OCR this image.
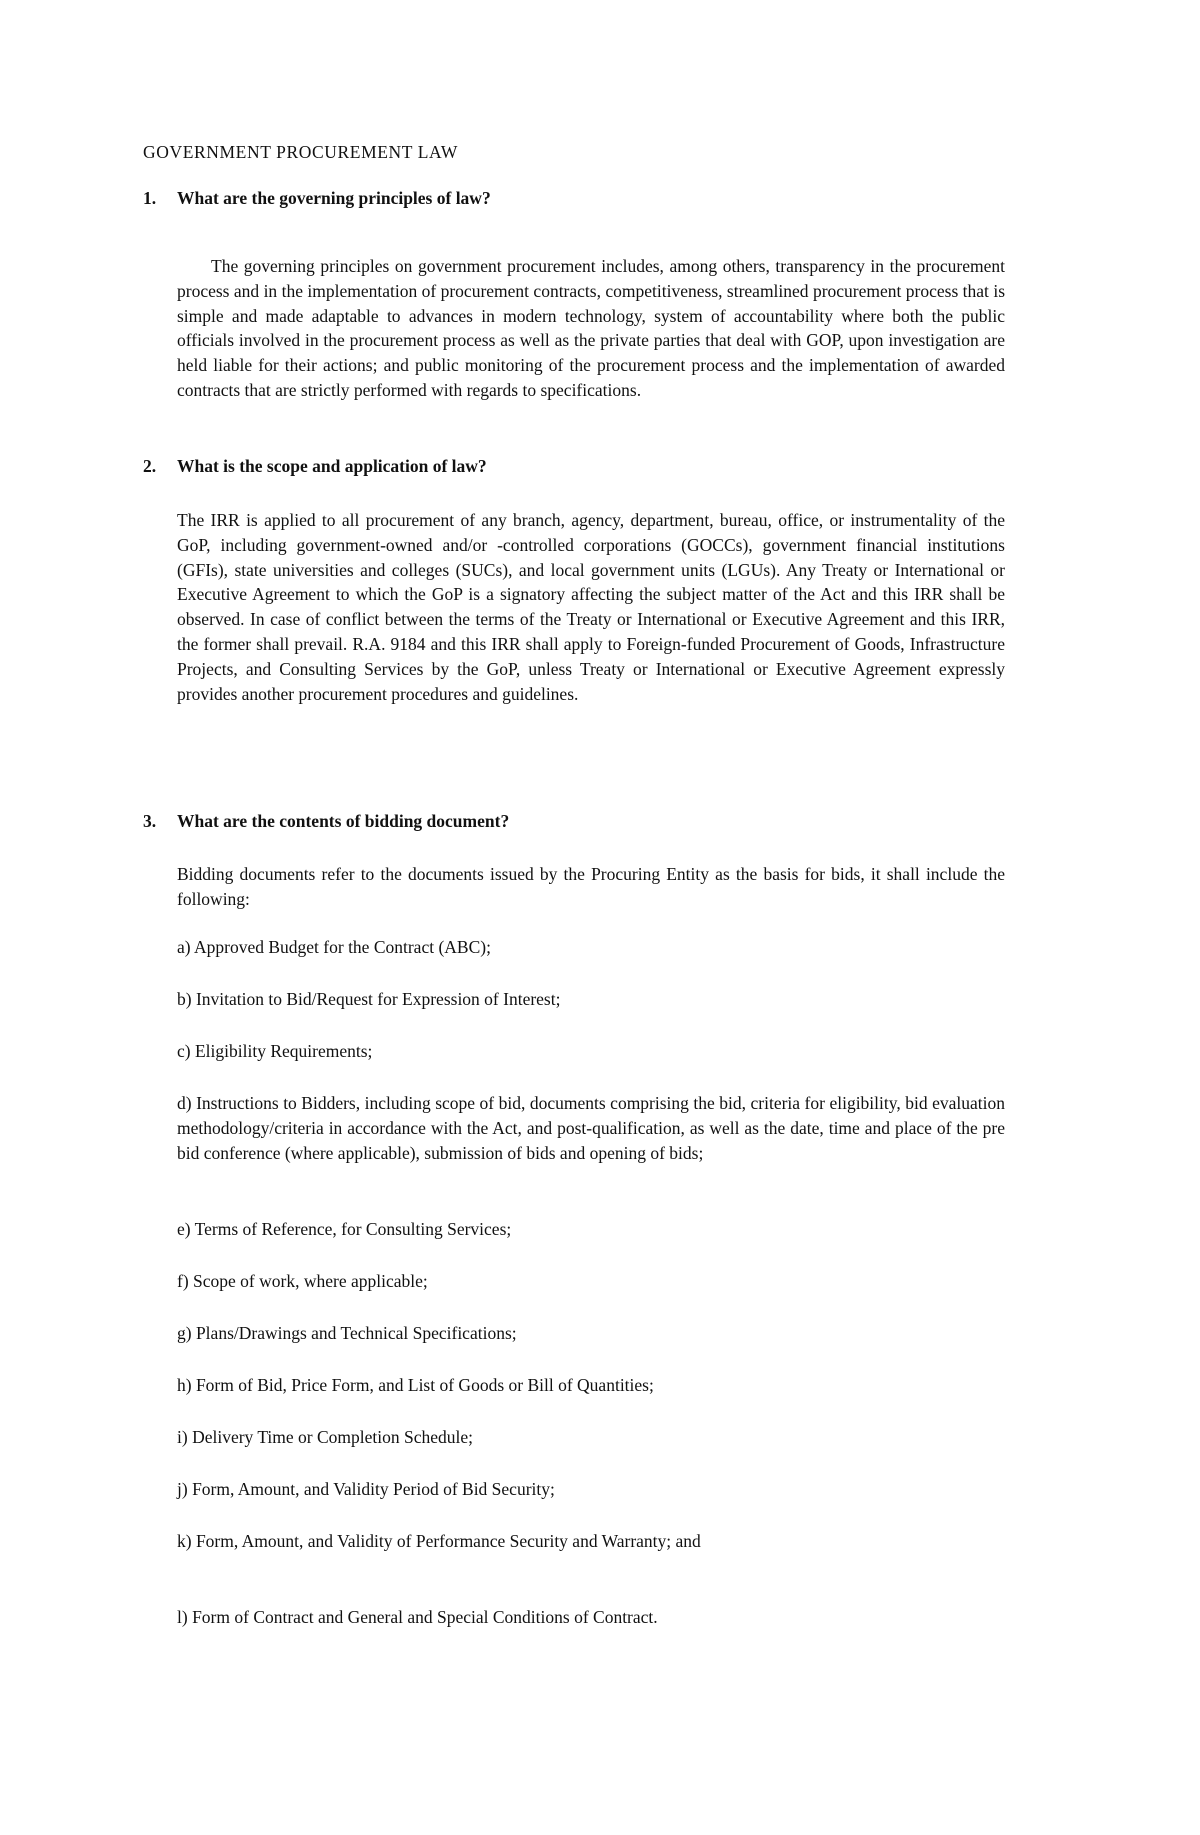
GOVERNMENT PROCUREMENT LAW
1. What are the governing principles of law?

The governing principles on government procurement includes, among others, transparency in the procurement process and in the implementation of procurement contracts, competitiveness, streamlined procurement process that is simple and made adaptable to advances in modern technology, system of accountability where both the public officials involved in the procurement process as well as the private parties that deal with GOP, upon investigation are held liable for their actions; and public monitoring of the procurement process and the implementation of awarded contracts that are strictly performed with regards to specifications.

2. What is the scope and application of law?

The IRR is applied to all procurement of any branch, agency, department, bureau, office, or instrumentality of the GoP, including government-owned and/or -controlled corporations (GOCCs), government financial institutions (GFIs), state universities and colleges (SUCs), and local government units (LGUs). Any Treaty or International or Executive Agreement to which the GoP is a signatory affecting the subject matter of the Act and this IRR shall be observed. In case of conflict between the terms of the Treaty or International or Executive Agreement and this IRR, the former shall prevail. R.A. 9184 and this IRR shall apply to Foreign-funded Procurement of Goods, Infrastructure Projects, and Consulting Services by the GoP, unless Treaty or International or Executive Agreement expressly provides another procurement procedures and guidelines.

3. What are the contents of bidding document?

Bidding documents refer to the documents issued by the Procuring Entity as the basis for bids, it shall include the following:

a) Approved Budget for the Contract (ABC);

b) Invitation to Bid/Request for Expression of Interest;

c) Eligibility Requirements;

d) Instructions to Bidders, including scope of bid, documents comprising the bid, criteria for eligibility, bid evaluation methodology/criteria in accordance with the Act, and post-qualification, as well as the date, time and place of the pre bid conference (where applicable), submission of bids and opening of bids;

e) Terms of Reference, for Consulting Services;

f) Scope of work, where applicable;

g) Plans/Drawings and Technical Specifications;

h) Form of Bid, Price Form, and List of Goods or Bill of Quantities;

i) Delivery Time or Completion Schedule;

j) Form, Amount, and Validity Period of Bid Security;

k) Form, Amount, and Validity of Performance Security and Warranty; and

l) Form of Contract and General and Special Conditions of Contract.
